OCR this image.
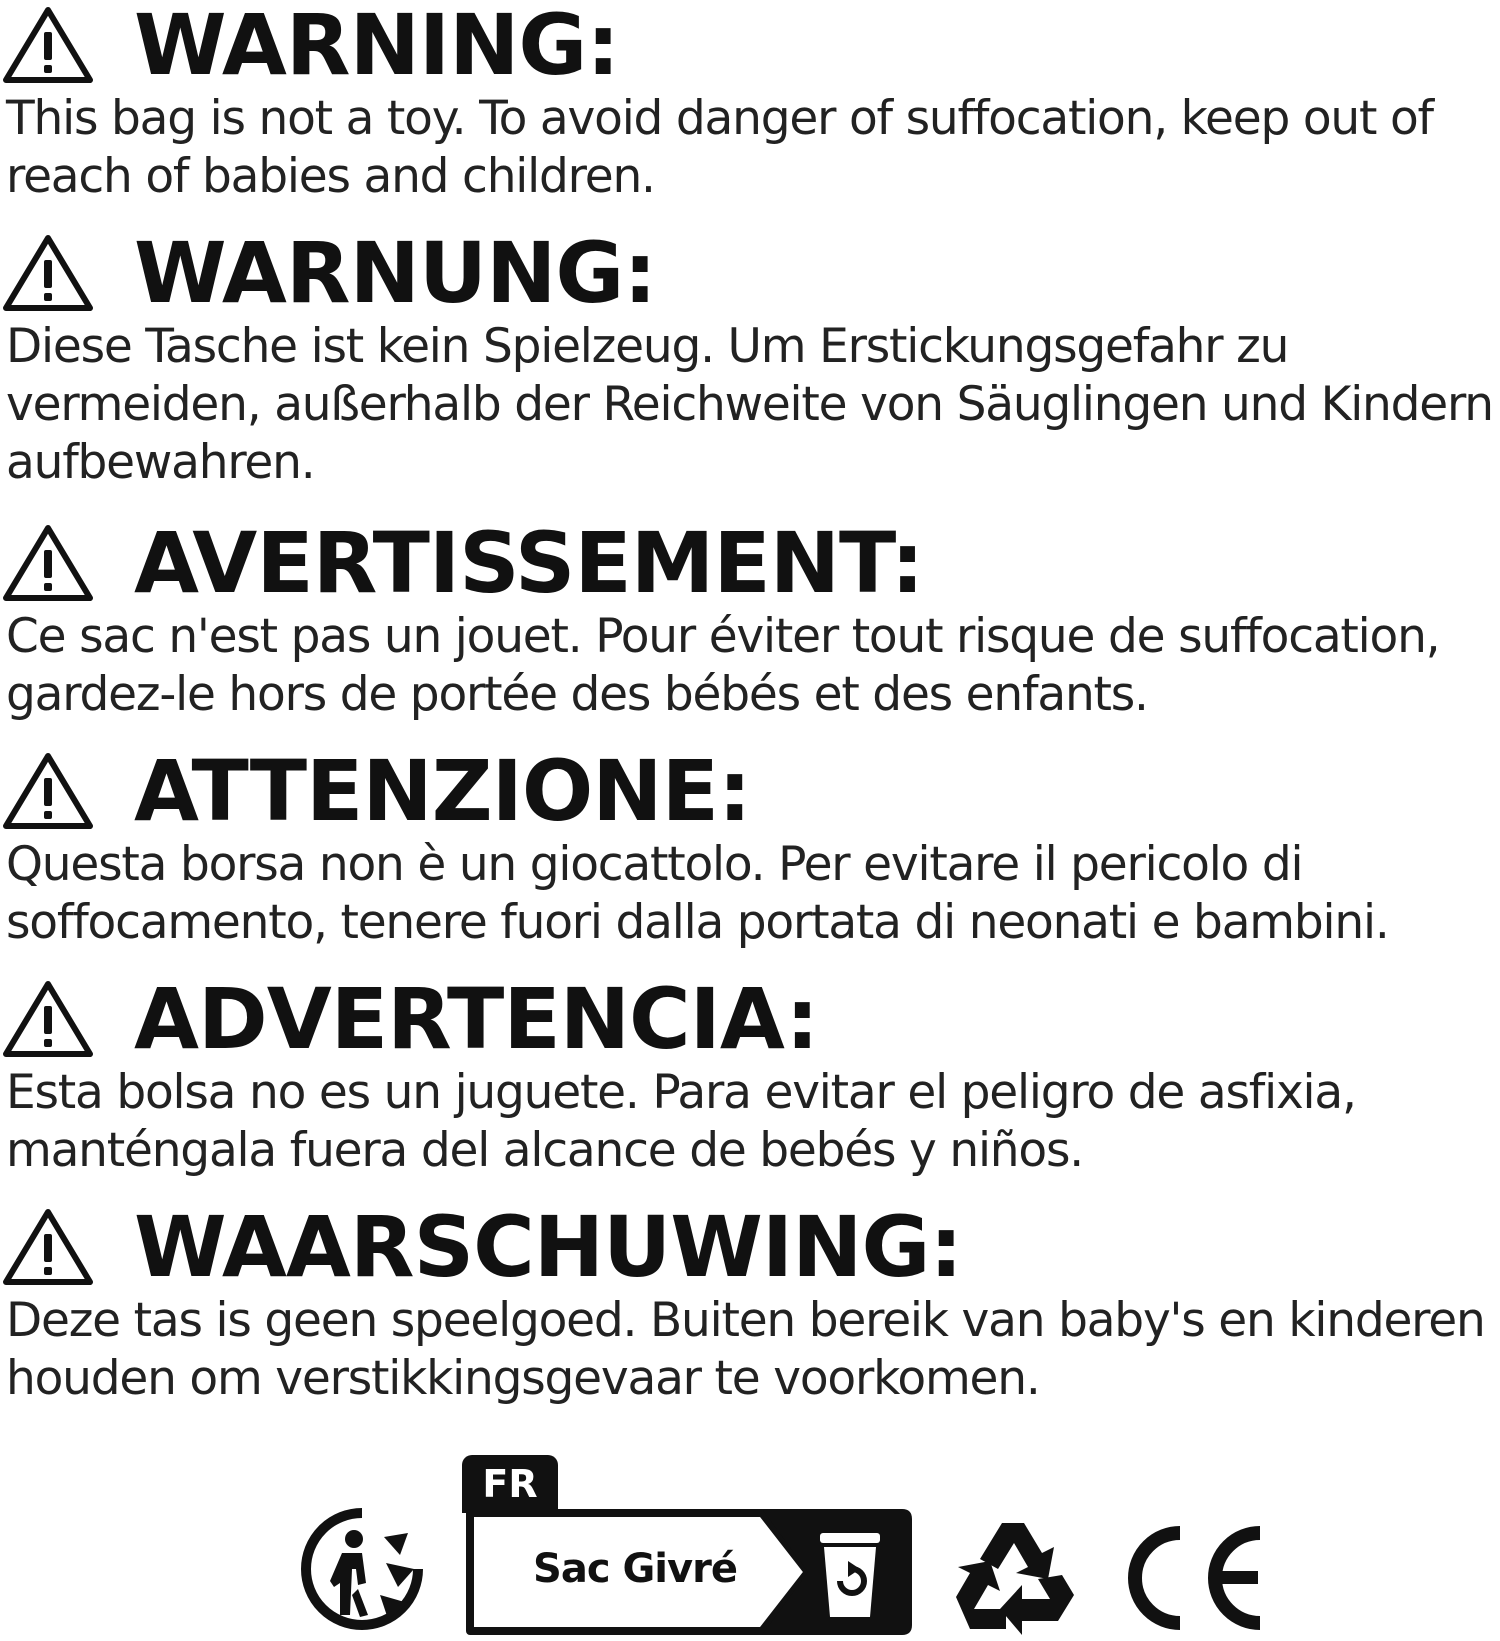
WARNING:

This bag is not a toy. To avoid danger of suffocation, keep out of
reach of babies and children.

WARNUNG:

Diese Tasche ist kein Spielzeug. Um Erstickungsgefahr zu
vermeiden, außerhalb der Reichweite von Säuglingen und Kindern
aufbewahren.

AVERTISSEMENT:

Ce sac n'est pas un jouet. Pour éviter tout risque de suffocation,
gardez-le hors de portée des bébés et des enfants.

ATTENZIONE:

Questa borsa non è un giocattolo. Per evitare il pericolo di
soffocamento, tenere fuori dalla portata di neonati e bambini.

ADVERTENCIA:

Esta bolsa no es un juguete. Para evitar el peligro de asfixia,
manténgala fuera del alcance de bebés y niños.

WAARSCHUWING:

Deze tas is geen speelgoed. Buiten bereik van baby's en kinderen
houden om verstikkingsgevaar te voorkomen.

FR
Sac Givré
